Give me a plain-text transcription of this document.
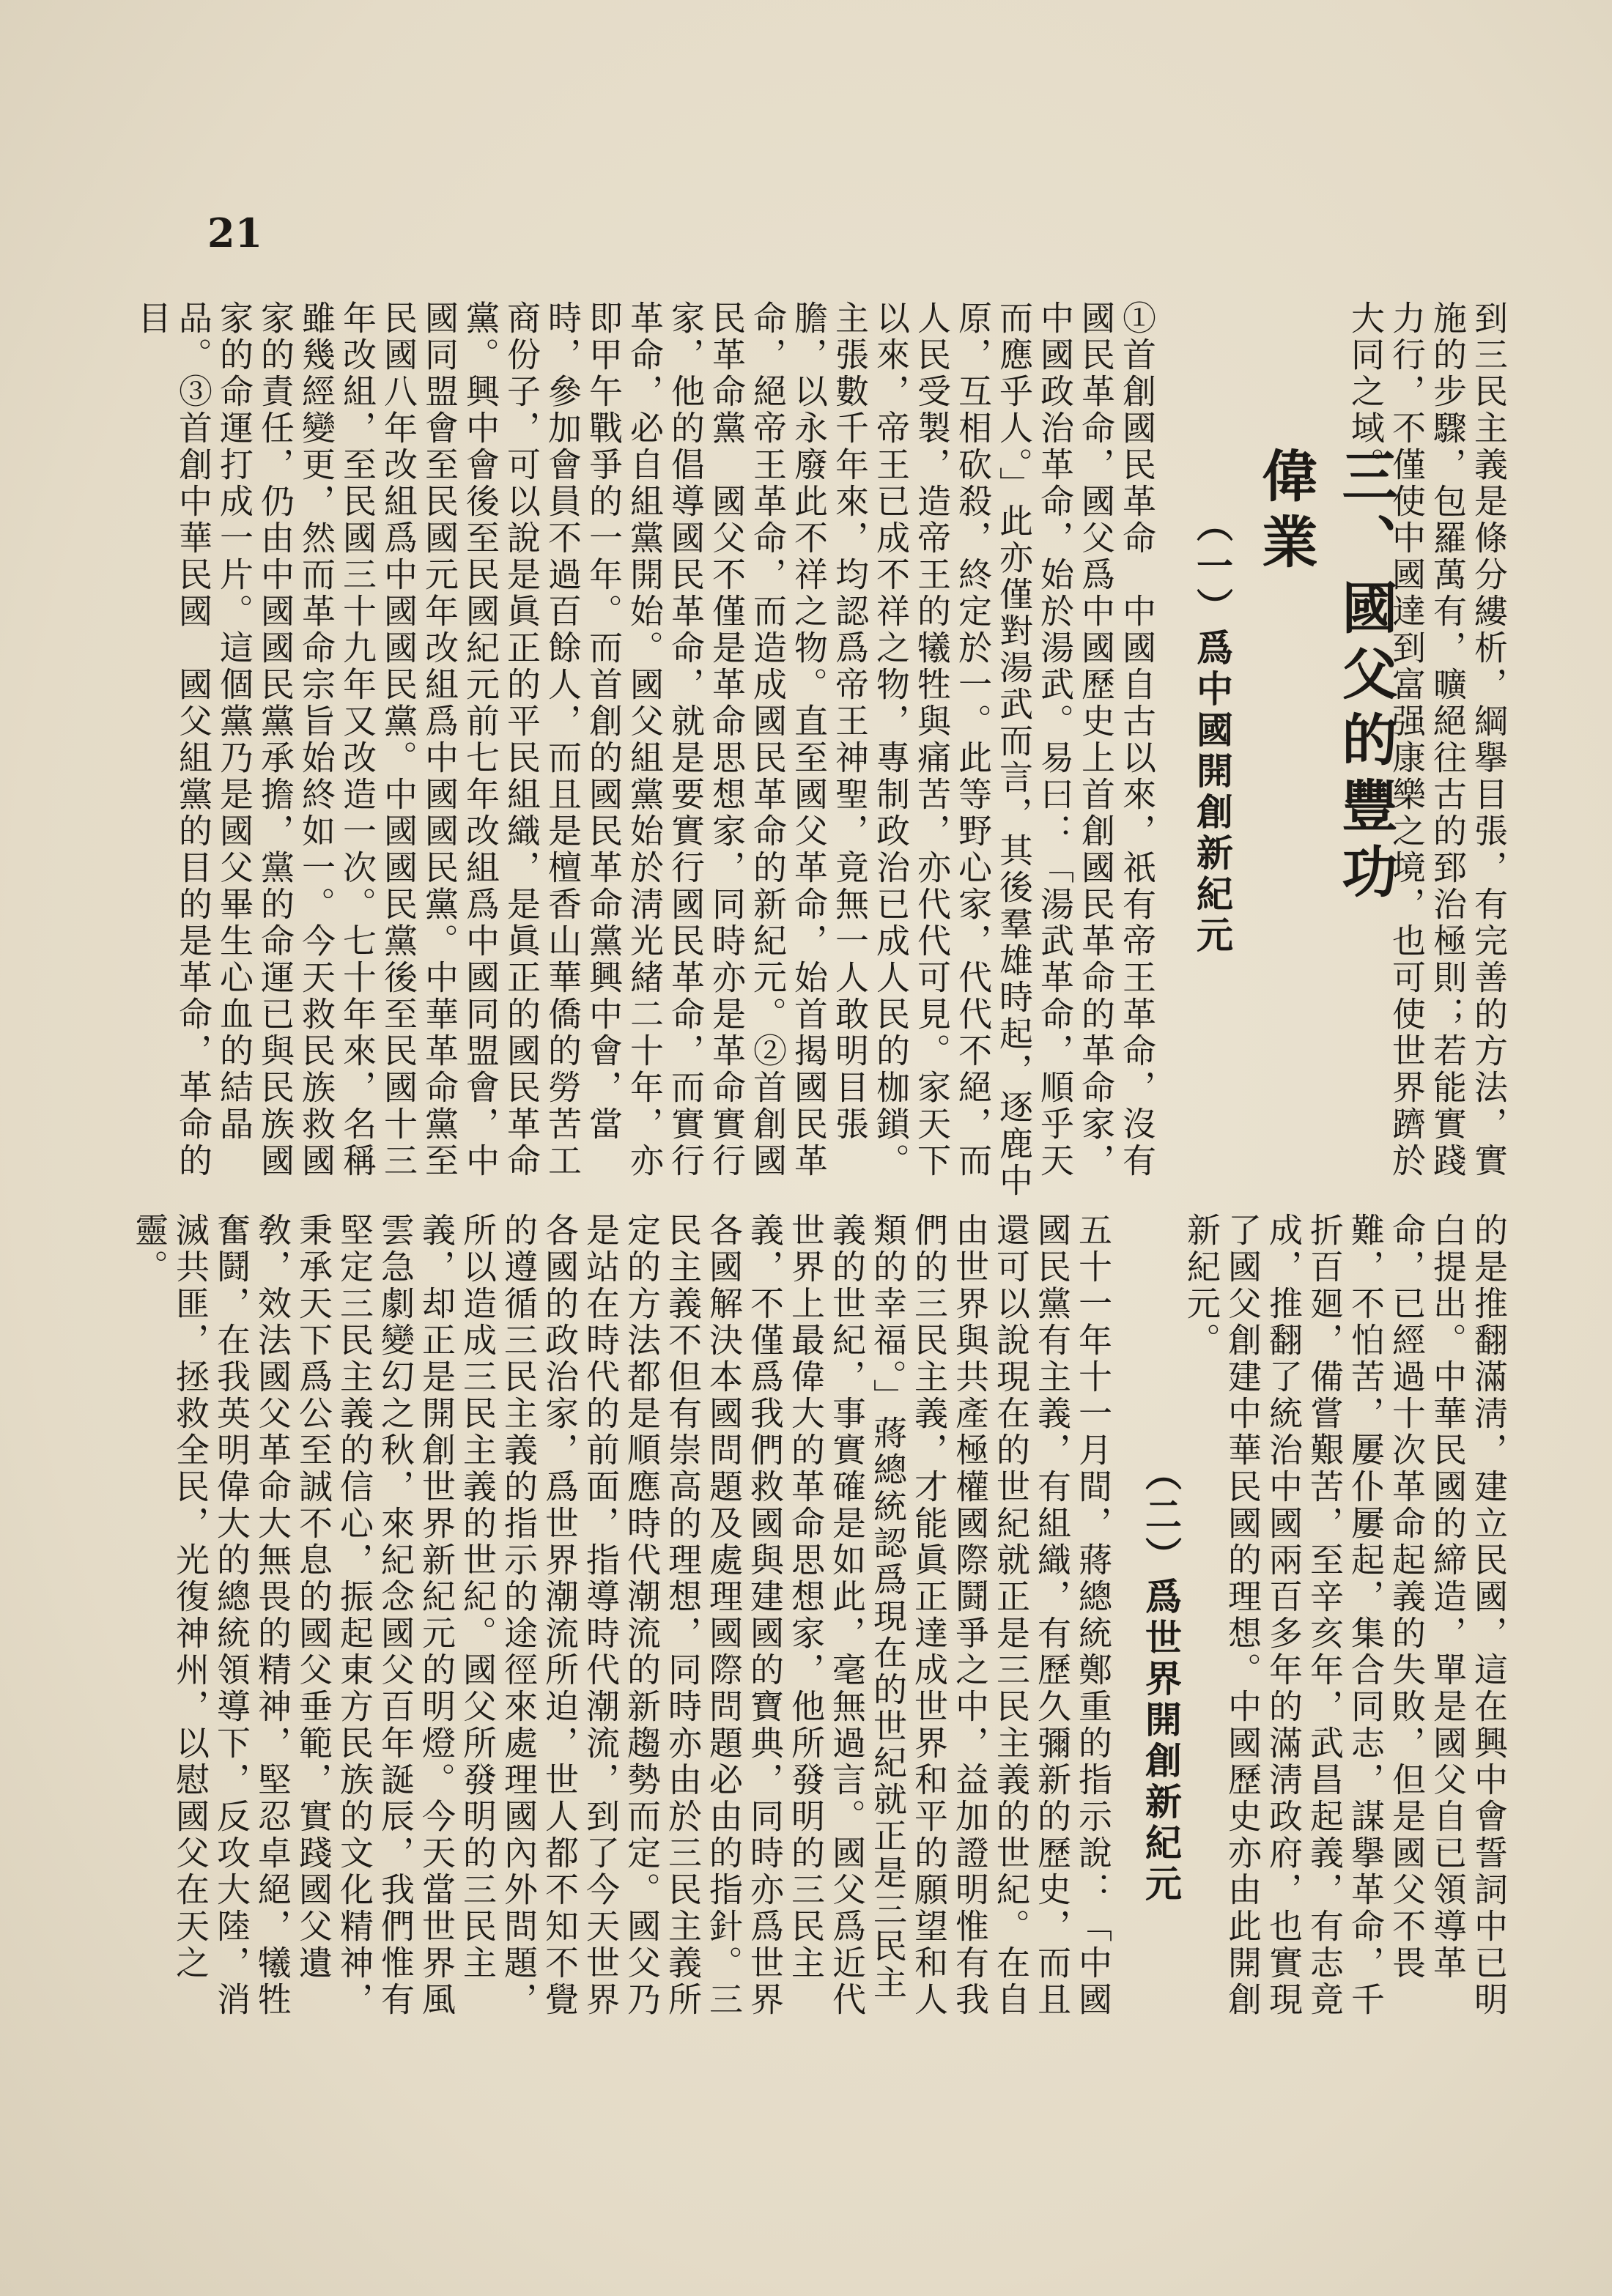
21
到三民主義是條分縷析，綱擧目張，有完善的方法，實施的步驟，包羅萬有，曠絕往古的郅治極則；若能實踐力行，不僅使中國達到富强康樂之境，也可使世界躋於大同之域。
三、國父的豐功偉業
（一）爲中國開創新紀元
①首創國民革命　中國自古以來，祇有帝王革命，沒有國民革命，國父爲中國歷史上首創國民革命的革命家，中國政治革命，始於湯武。易曰：「湯武革命，順乎天而應乎人。」此亦僅對湯武而言，其後羣雄時起，逐鹿中原，互相砍殺，終定於一。此等野心家，代代不絕，而人民受製，造帝王的犧牲與痛苦，亦代代可見。家天下以來，帝王已成不祥之物，專制政治已成人民的枷鎖。主張數千年來，均認爲帝王神聖，竟無一人敢明目張膽，以永廢此不祥之物。直至國父革命，始首揭國民革命，絕帝王革命，而造成國民革命的新紀元。②首創國民革命黨　國父不僅是革命思想家，同時亦是革命實行家，他的倡導國民革命，就是要實行國民革命，而實行革命，必自組黨開始。國父組黨始於淸光緒二十年，亦即甲午戰爭的一年。而首創的國民革命黨興中會，當時，參加會員不過百餘人，而且是檀香山華僑的勞苦工商份子，可以說是眞正的平民組織，是眞正的國民革命黨。興中會後至民國紀元前七年改組爲中國同盟會，中國同盟會至民國元年改組爲中國國民黨。中華革命黨至民國八年改組爲中國國民黨。中國國民黨後至民國十三年改組，至民國三十九年又改造一次。七十年來，名稱雖幾經變更，然而革命宗旨始終如一。今天救民族救國家的責任，仍由中國國民黨承擔，黨的命運已與民族國家的命運打成一片。這個黨乃是國父畢生心血的結晶品。③首創中華民國　國父組黨的目的是革命，革命的目
的是推翻滿淸，建立民國，這在興中會誓詞中已明白提出。中華民國的締造，單是國父自已領導革命，已經過十次革命起義的失敗，但是國父不畏難，不怕苦，屢仆屢起，集合同志，謀擧革命，千折百廻，備嘗艱苦，至辛亥年，武昌起義，有志竟成，推翻了統治中國兩百多年的滿淸政府，也實現了國父創建中華民國的理想。中國歷史亦由此開創新紀元。
（二）爲世界開創新紀元
五十一年十一月間，蔣總統鄭重的指示說：「中國國民黨有主義，有組織，有歷久彌新的歷史，而且還可以說現在的世紀就正是三民主義的世紀。在自由世界與共產極權國際鬪爭之中，益加證明惟有我們的三民主義，才能眞正達成世界和平的願望和人類的幸福。」蔣總統認爲現在的世紀就正是三民主義的世紀，事實確是如此，毫無過言。國父爲近代世界上最偉大的革命思想家，他所發明的三民主義，不僅爲我們救國與建國的寶典，同時亦爲世界各國解決本國問題及處理國際問題必由的指針。三民主義不但有崇高的理想，同時亦由於三民主義所定的方法都是順應時代潮流的新趨勢而定。國父乃是站在時代的前面，指導時代潮流，到了今天世界各國的政治家，爲世界潮流所迫，世人都不知不覺的遵循三民主義的指示的途徑來處理國內外問題，所以造成三民主義的世紀。國父所發明的三民主義，却正是開創世界新紀元的明燈。今天當世界風雲急劇變幻之秋，來紀念國父百年誕辰，我們惟有堅定三民主義的信心，振起東方民族的文化精神，秉承天下爲公至誠不息的國父垂範，實踐國父遺敎，效法國父革命大無畏的精神，堅忍卓絕，犧牲奮鬪，在我英明偉大的總統領導下，反攻大陸，消滅共匪，拯救全民，光復神州，以慰國父在天之靈。
